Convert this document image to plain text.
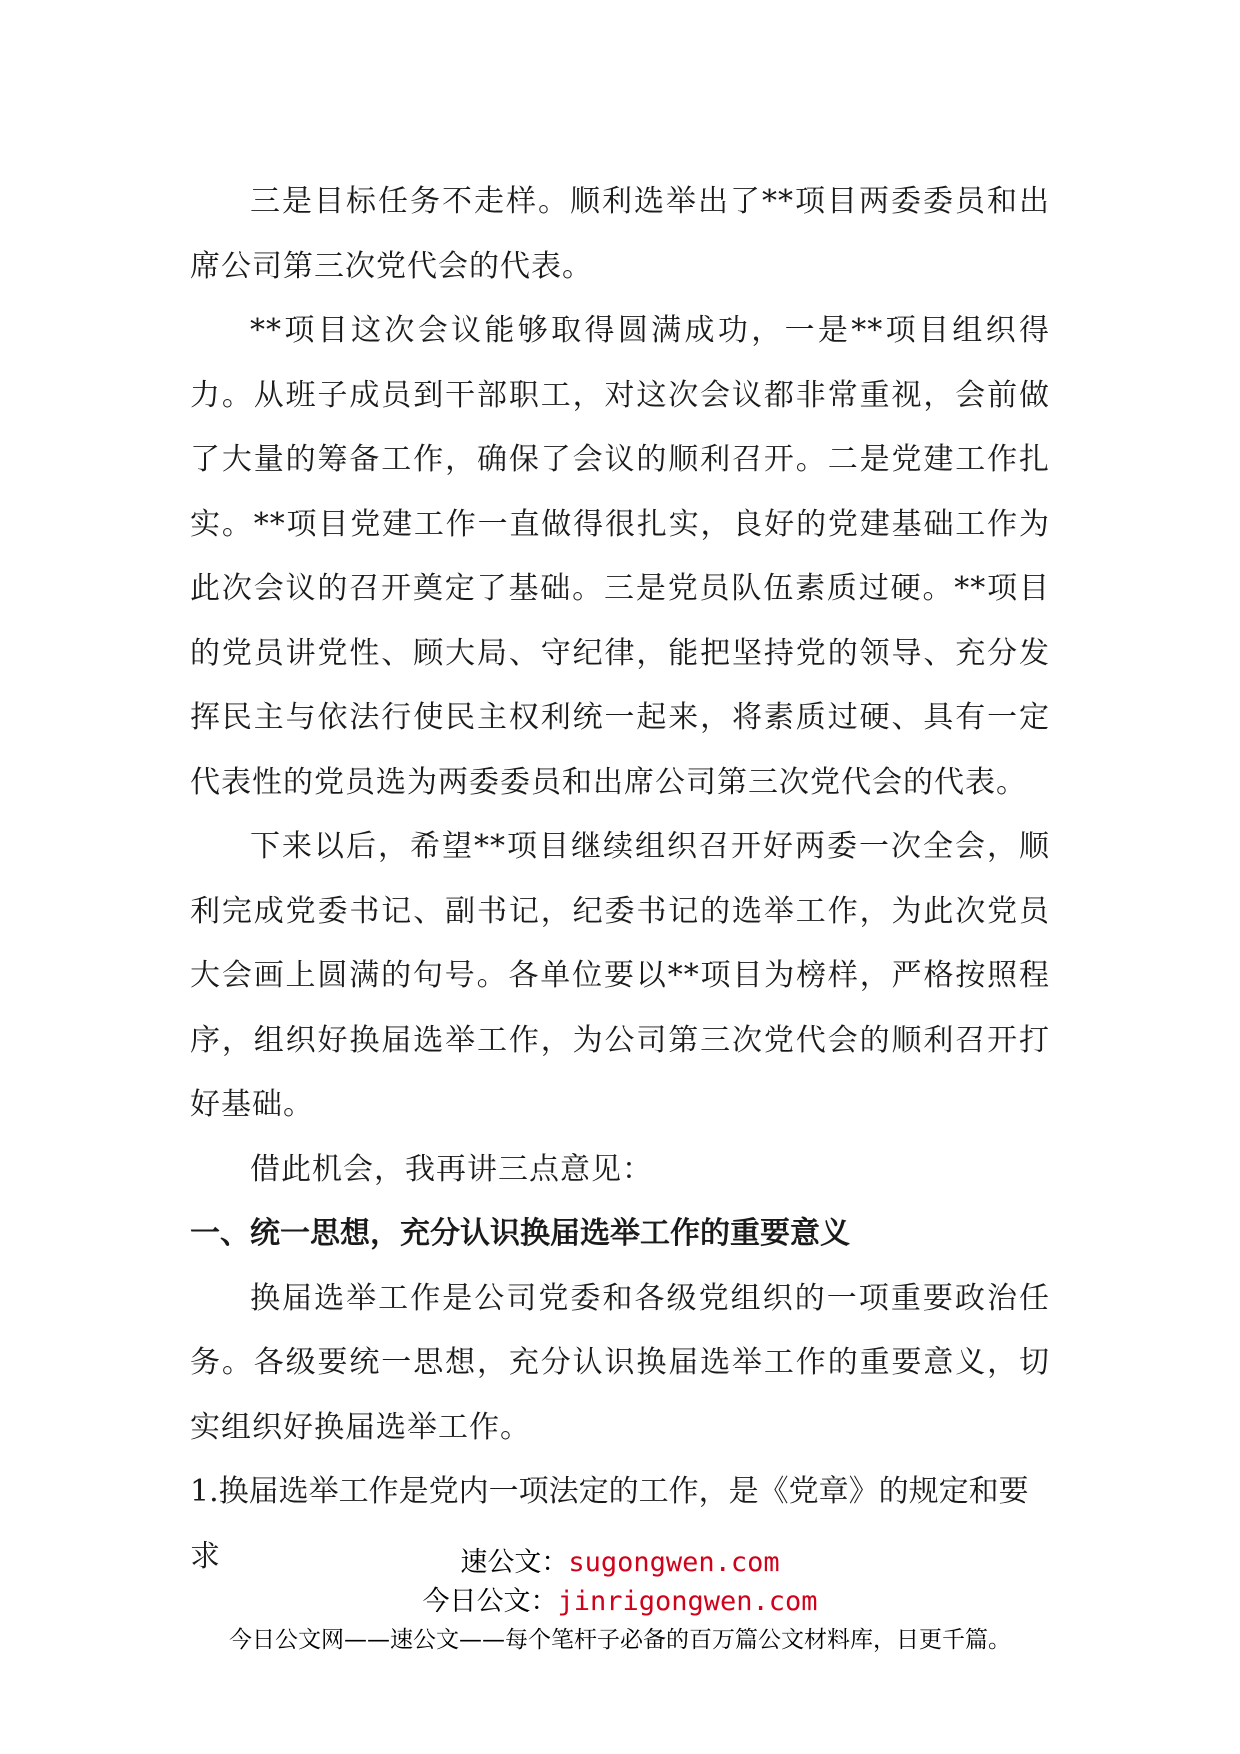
三是目标任务不走样。顺利选举出了**项目两委委员和出席公司第三次党代会的代表。

**项目这次会议能够取得圆满成功，一是**项目组织得力。从班子成员到干部职工，对这次会议都非常重视，会前做了大量的筹备工作，确保了会议的顺利召开。二是党建工作扎实。**项目党建工作一直做得很扎实，良好的党建基础工作为此次会议的召开奠定了基础。三是党员队伍素质过硬。**项目的党员讲党性、顾大局、守纪律，能把坚持党的领导、充分发挥民主与依法行使民主权利统一起来，将素质过硬、具有一定代表性的党员选为两委委员和出席公司第三次党代会的代表。

下来以后，希望**项目继续组织召开好两委一次全会，顺利完成党委书记、副书记，纪委书记的选举工作，为此次党员大会画上圆满的句号。各单位要以**项目为榜样，严格按照程序，组织好换届选举工作，为公司第三次党代会的顺利召开打好基础。

借此机会，我再讲三点意见：

一、统一思想，充分认识换届选举工作的重要意义

换届选举工作是公司党委和各级党组织的一项重要政治任务。各级要统一思想，充分认识换届选举工作的重要意义，切实组织好换届选举工作。

1.换届选举工作是党内一项法定的工作，是《党章》的规定和要求	速公文：sugongwen.com
今日公文：jinrigongwen.com
今日公文网——速公文——每个笔杆子必备的百万篇公文材料库，日更千篇。
